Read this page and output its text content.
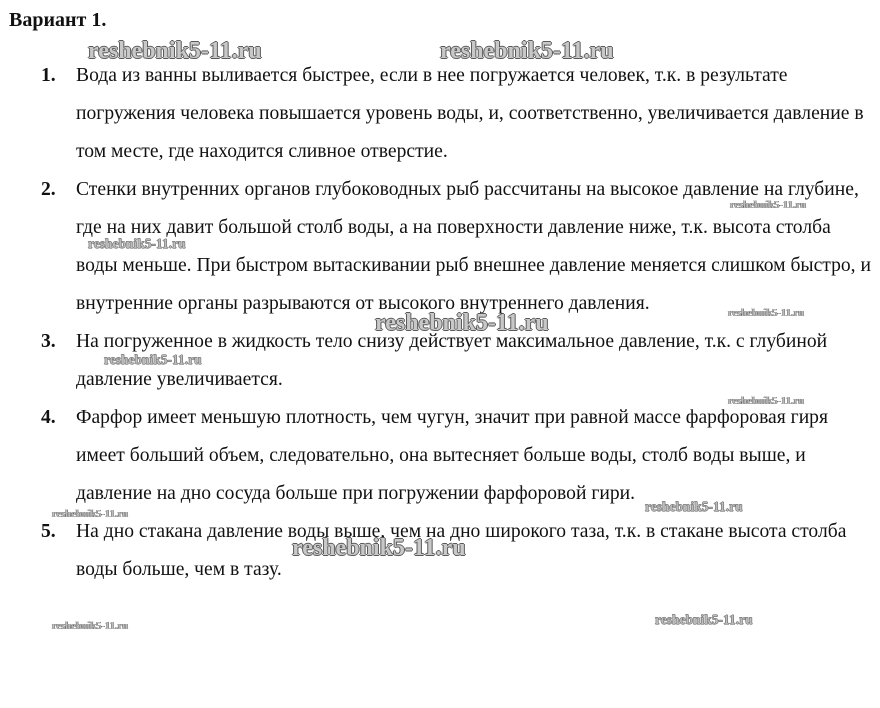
Вариант 1.
1. Вода из ванны выливается быстрее, если в нее погружается человек, т.к. в результате погружения человека повышается уровень воды, и, соответственно, увеличивается давление в том месте, где находится сливное отверстие.
2. Стенки внутренних органов глубоководных рыб рассчитаны на высокое давление на глубине, где на них давит большой столб воды, а на поверхности давление ниже, т.к. высота столба воды меньше. При быстром вытаскивании рыб внешнее давление меняется слишком быстро, и внутренние органы разрываются от высокого внутреннего давления.
3. На погруженное в жидкость тело снизу действует максимальное давление, т.к. с глубиной давление увеличивается.
4. Фарфор имеет меньшую плотность, чем чугун, значит при равной массе фарфоровая гиря имеет больший объем, следовательно, она вытесняет больше воды, столб воды выше, и давление на дно сосуда больше при погружении фарфоровой гири.
5. На дно стакана давление воды выше, чем на дно широкого таза, т.к. в стакане высота столба воды больше, чем в тазу.
reshebnik5-11.ru	reshebnik5-11.ru
reshebnik5-11.ru
reshebnik5-11.ru
reshebnik5-11.ru
reshebnik5-11.ru
reshebnik5-11.ru
reshebnik5-11.ru
reshebnik5-11.ru
reshebnik5-11.ru
reshebnik5-11.ru
reshebnik5-11.ru
reshebnik5-11.ru
